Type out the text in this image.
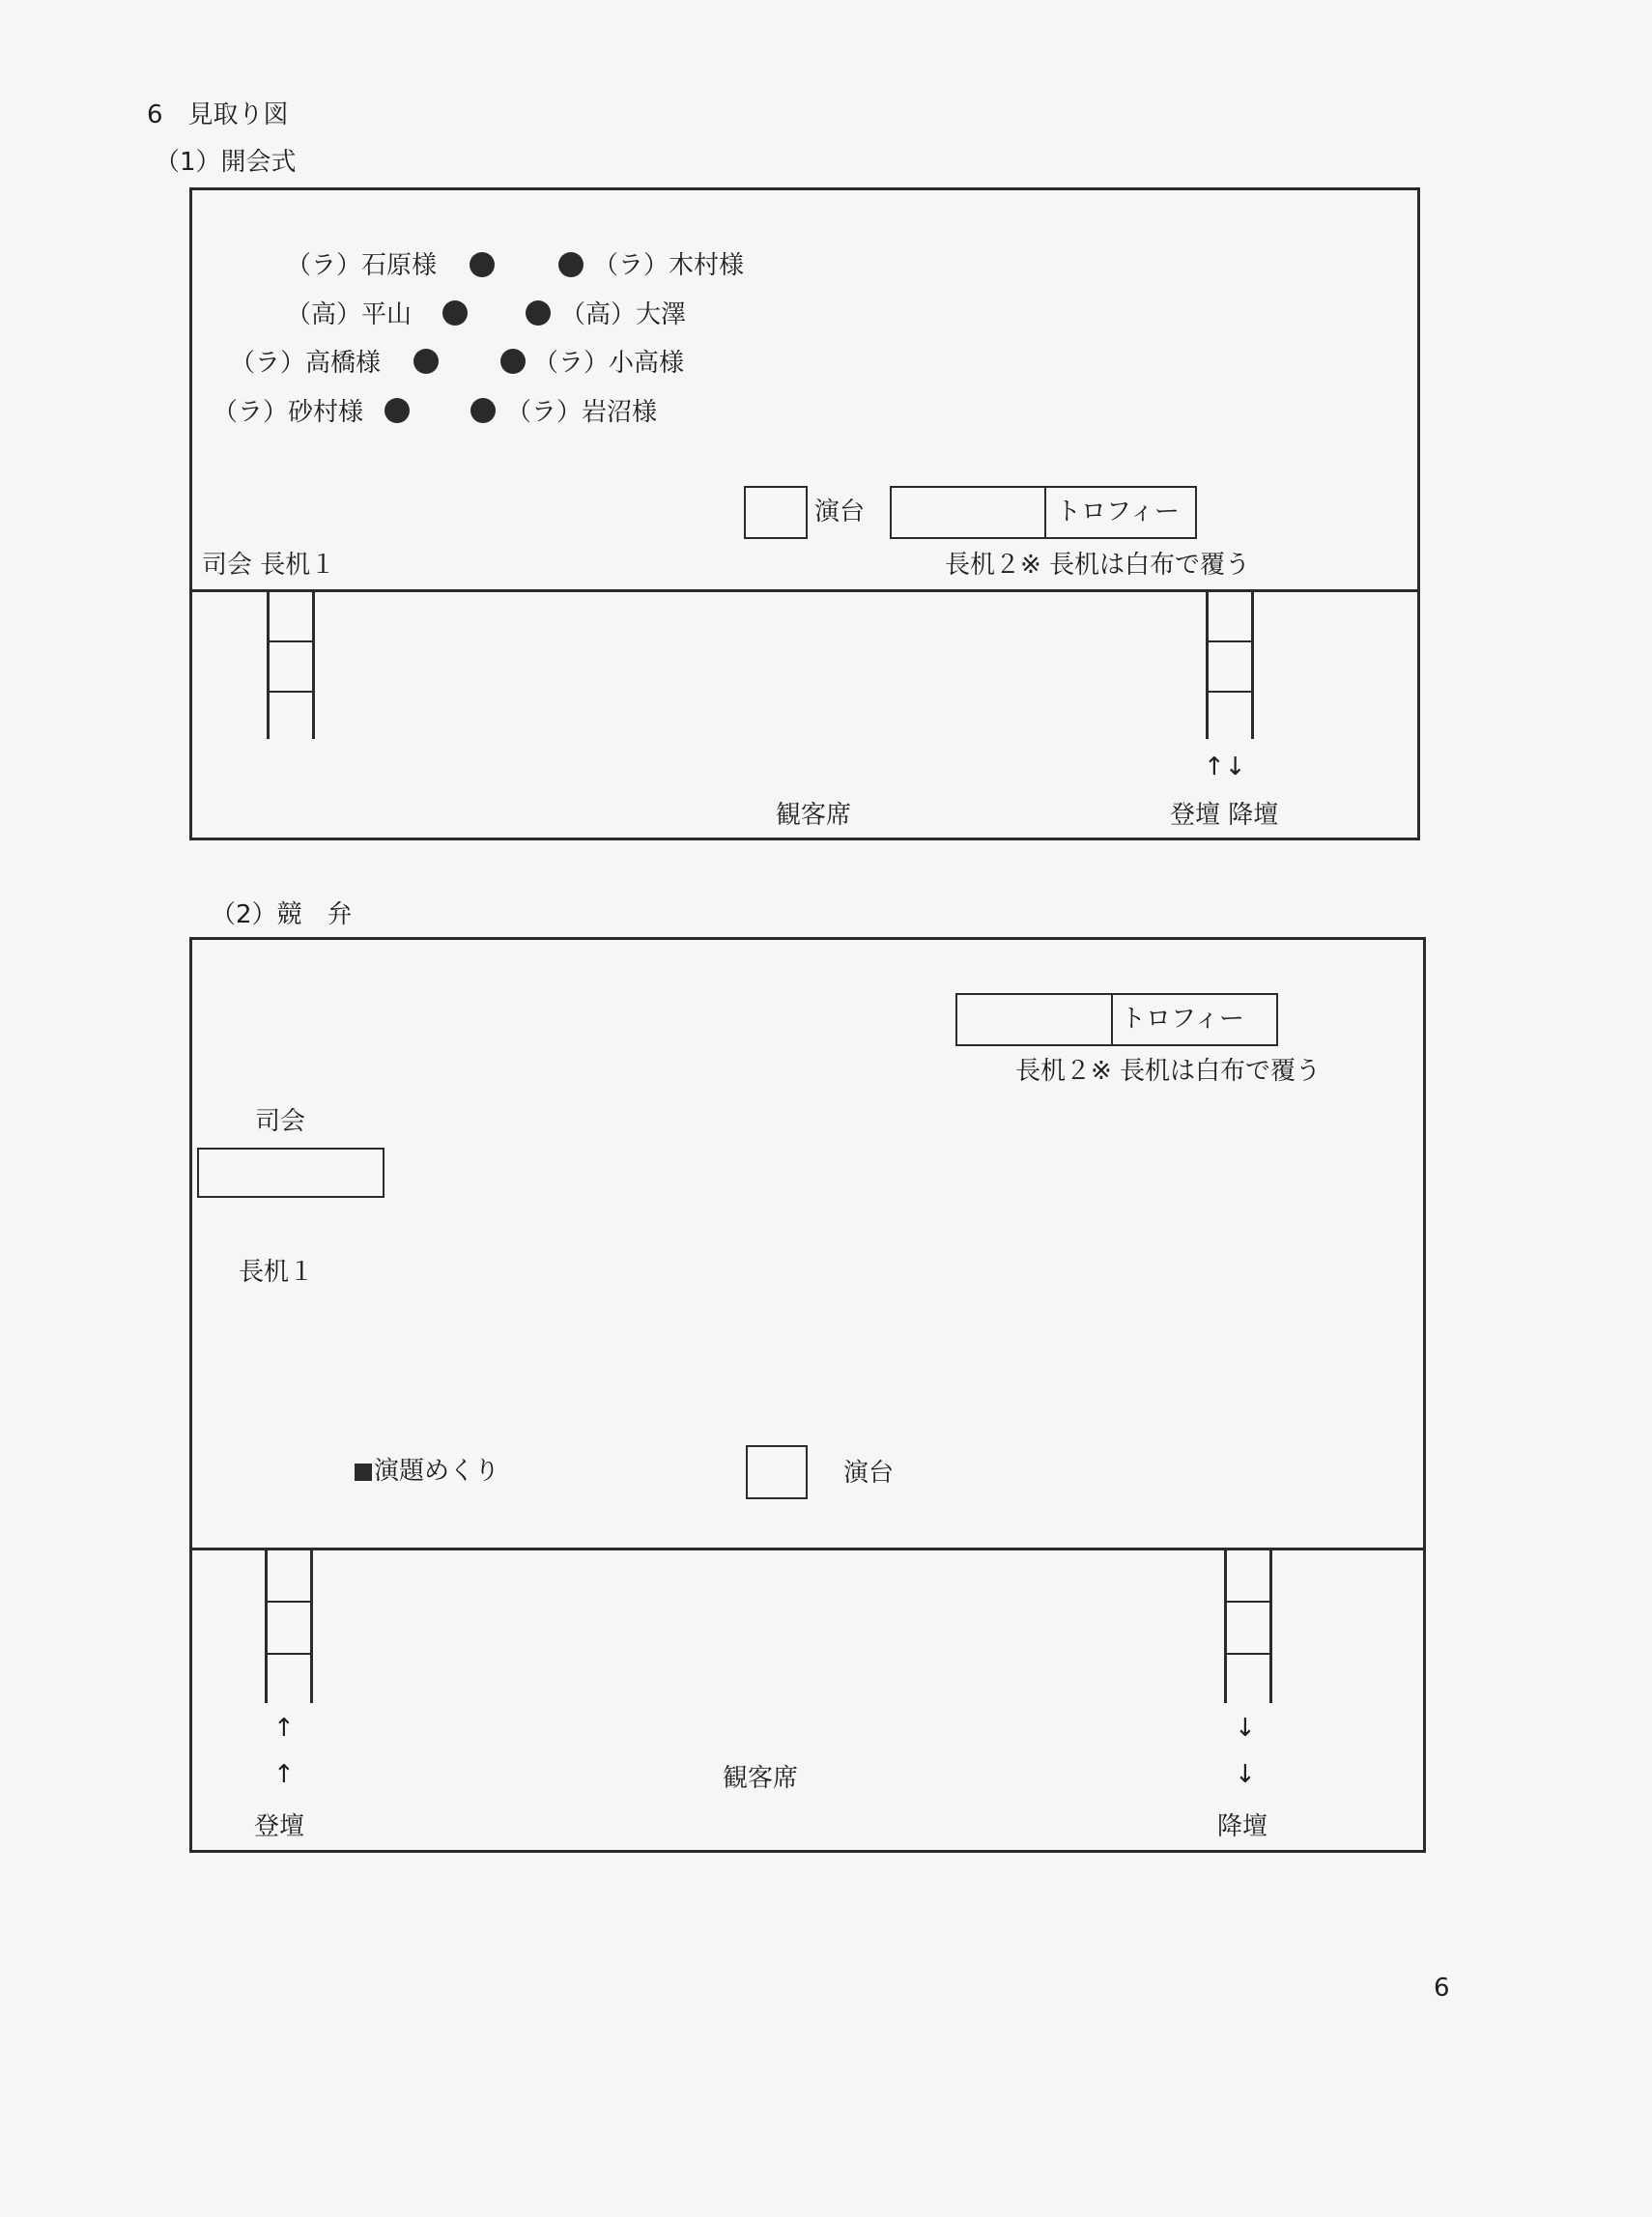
6　見取り図
（1）開会式
（ラ）石原様
（高）平山
（ラ）高橋様
（ラ）砂村様
（ラ）木村様
（高）大澤
（ラ）小高様
（ラ）岩沼様
演台	トロフィー
司会 長机１	長机２※ 長机は白布で覆う
↑↓
観客席	登壇 降壇
（2）競　弁
トロフィー
長机２※ 長机は白布で覆う
司会
長机１
演題めくり	演台
↑
↑
↓
↓
観客席
登壇	降壇
6
